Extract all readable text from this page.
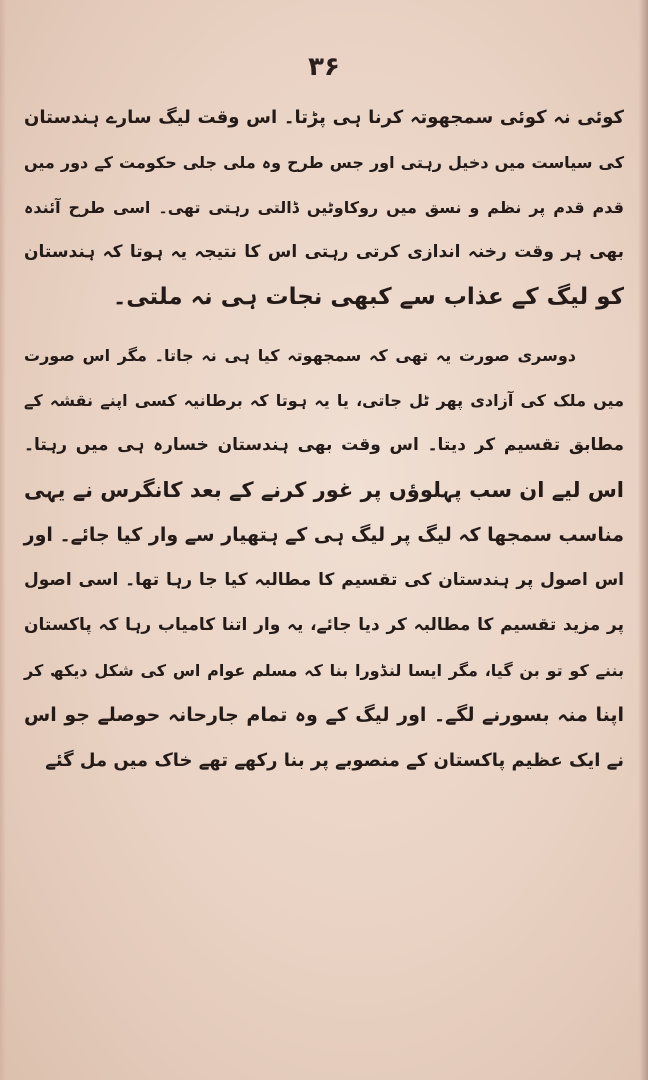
۳۶
کوئی نہ کوئی سمجھوتہ کرنا ہی پڑتا۔ اس وقت لیگ سارے ہندستان
کی سیاست میں دخیل رہتی اور جس طرح وہ ملی جلی حکومت کے دور میں
قدم قدم پر نظم و نسق میں روکاوٹیں ڈالتی رہتی تھی۔ اسی طرح آئندہ
بھی ہر وقت رخنہ اندازی کرتی رہتی اس کا نتیجہ یہ ہوتا کہ ہندستان
کو لیگ کے عذاب سے کبھی نجات ہی نہ ملتی۔
دوسری صورت یہ تھی کہ سمجھوتہ کیا ہی نہ جاتا۔ مگر اس صورت
میں ملک کی آزادی پھر ٹل جاتی، یا یہ ہوتا کہ برطانیہ کسی اپنے نقشہ کے
مطابق تقسیم کر دیتا۔ اس وقت بھی ہندستان خسارہ ہی میں رہتا۔
اس لیے ان سب پہلوؤں پر غور کرنے کے بعد کانگرس نے یہی
مناسب سمجھا کہ لیگ پر لیگ ہی کے ہتھیار سے وار کیا جائے۔ اور
اس اصول پر ہندستان کی تقسیم کا مطالبہ کیا جا رہا تھا۔ اسی اصول
پر مزید تقسیم کا مطالبہ کر دیا جائے، یہ وار اتنا کامیاب رہا کہ پاکستان
بننے کو تو بن گیا، مگر ایسا لنڈورا بنا کہ مسلم عوام اس کی شکل دیکھ کر
اپنا منہ بسورنے لگے۔ اور لیگ کے وہ تمام جارحانہ حوصلے جو اس
نے ایک عظیم پاکستان کے منصوبے پر بنا رکھے تھے خاک میں مل گئے
